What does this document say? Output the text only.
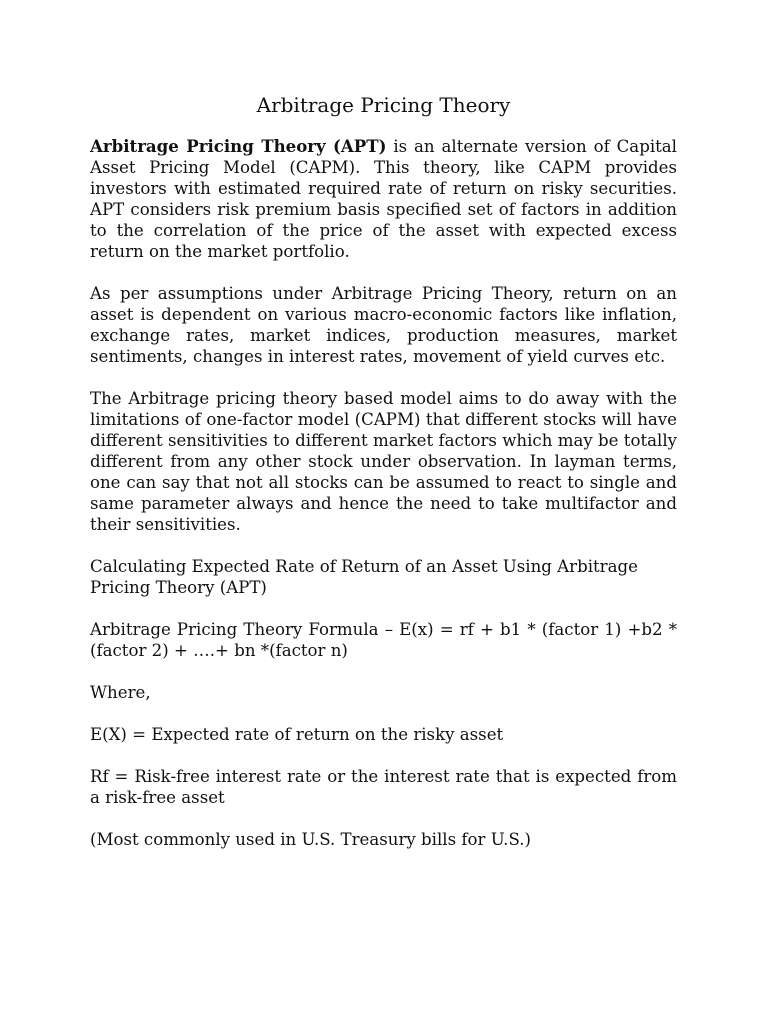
Arbitrage Pricing Theory

Arbitrage Pricing Theory (APT) is an alternate version of Capital Asset Pricing Model (CAPM). This theory, like CAPM provides investors with estimated required rate of return on risky securities. APT considers risk premium basis specified set of factors in addition to the correlation of the price of the asset with expected excess return on the market portfolio.

As per assumptions under Arbitrage Pricing Theory, return on an asset is dependent on various macro-economic factors like inflation, exchange rates, market indices, production measures, market sentiments, changes in interest rates, movement of yield curves etc.

The Arbitrage pricing theory based model aims to do away with the limitations of one-factor model (CAPM) that different stocks will have different sensitivities to different market factors which may be totally different from any other stock under observation. In layman terms, one can say that not all stocks can be assumed to react to single and same parameter always and hence the need to take multifactor and their sensitivities.

Calculating Expected Rate of Return of an Asset Using Arbitrage Pricing Theory (APT)

Arbitrage Pricing Theory Formula – E(x) = rf + b1 * (factor 1) +b2 *(factor 2) + ….+ bn *(factor n)

Where,

E(X) = Expected rate of return on the risky asset

Rf = Risk-free interest rate or the interest rate that is expected from a risk-free asset

(Most commonly used in U.S. Treasury bills for U.S.)
